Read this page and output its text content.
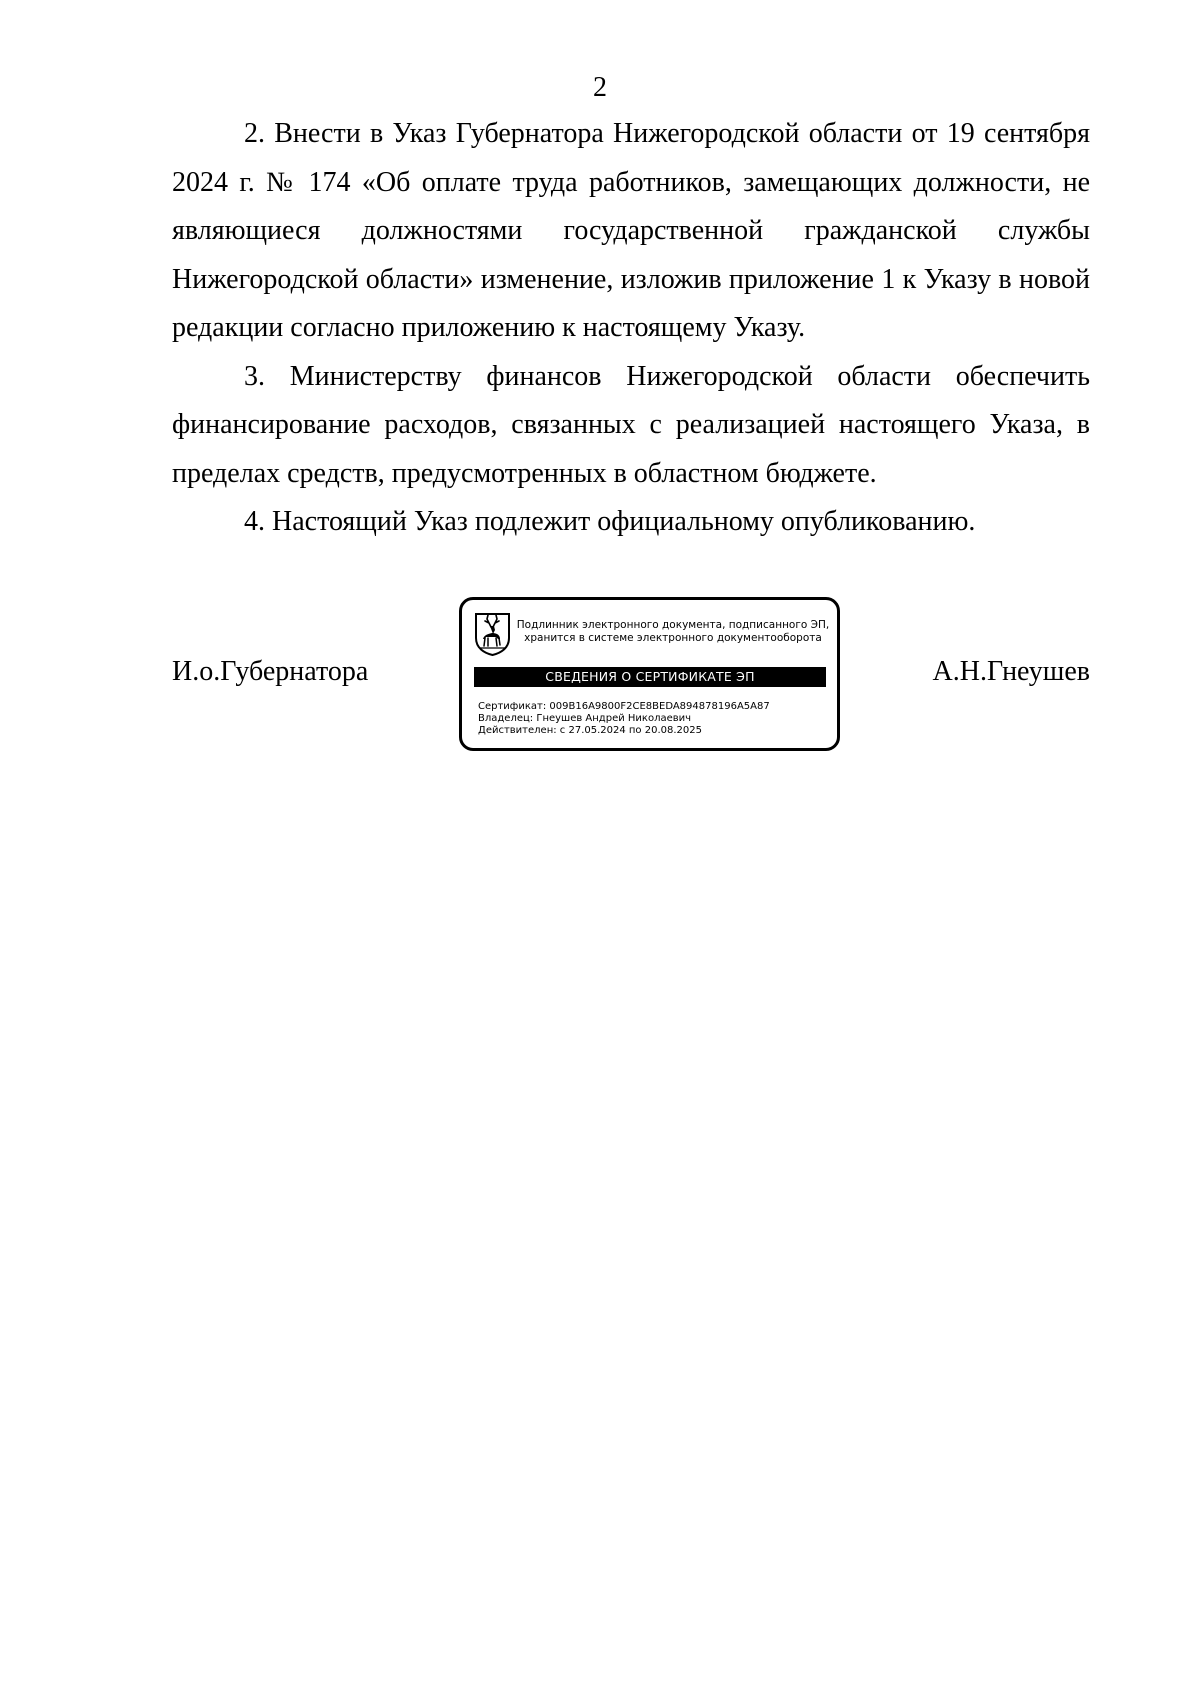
2

2. Внести в Указ Губернатора Нижегородской области от 19 сентября 2024 г. № 174 «Об оплате труда работников, замещающих должности, не являющиеся должностями государственной гражданской службы Нижегородской области» изменение, изложив приложение 1 к Указу в новой редакции согласно приложению к настоящему Указу.

3. Министерству финансов Нижегородской области обеспечить финансирование расходов, связанных с реализацией настоящего Указа, в пределах средств, предусмотренных в областном бюджете.

4. Настоящий Указ подлежит официальному опубликованию.

И.о.Губернатора	А.Н.Гнеушев
Подлинник электронного документа, подписанного ЭП,
хранится в системе электронного документооборота
СВЕДЕНИЯ О СЕРТИФИКАТЕ ЭП
Сертификат: 009B16A9800F2CE8BEDA894878196A5A87
Владелец: Гнеушев Андрей Николаевич
Действителен: с 27.05.2024 по 20.08.2025
